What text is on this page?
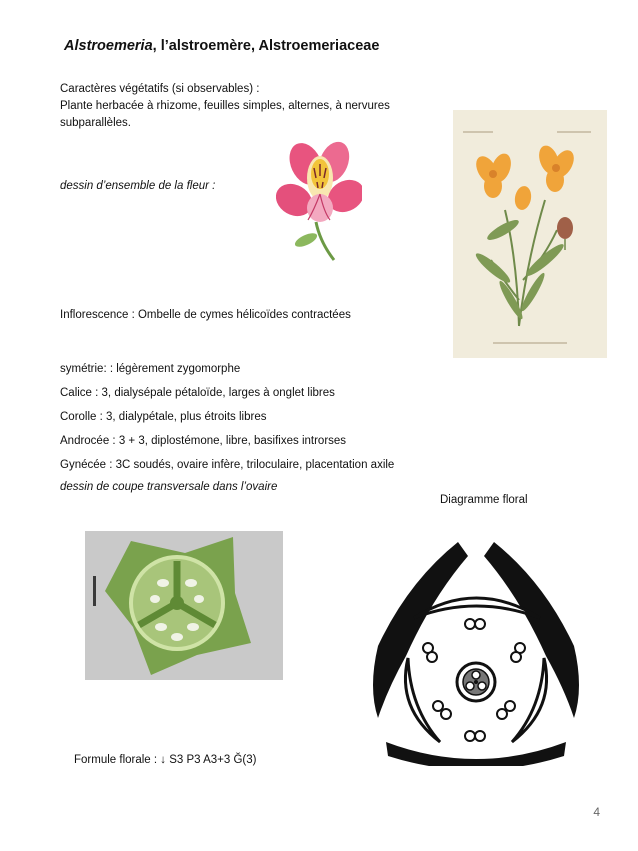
Alstroemeria, l’alstroemère, Alstroemeriaceae
Caractères végétatifs (si observables) :
Plante herbacée à rhizome, feuilles simples, alternes, à nervures
subparallèles.
dessin d’ensemble de la fleur :
Inflorescence : Ombelle de cymes hélicoïdes contractées
symétrie: : légèrement zygomorphe
Calice : 3, dialysépale pétaloïde, larges à onglet libres
Corolle : 3, dialypétale, plus étroits libres
Androcée : 3 + 3, diplostémone, libre, basifixes introrses
Gynécée : 3C soudés, ovaire infère, triloculaire, placentation axile
dessin de coupe transversale dans l’ovaire
Diagramme floral
Formule florale : ↓ S3 P3 A3+3 Ğ(3)
4
